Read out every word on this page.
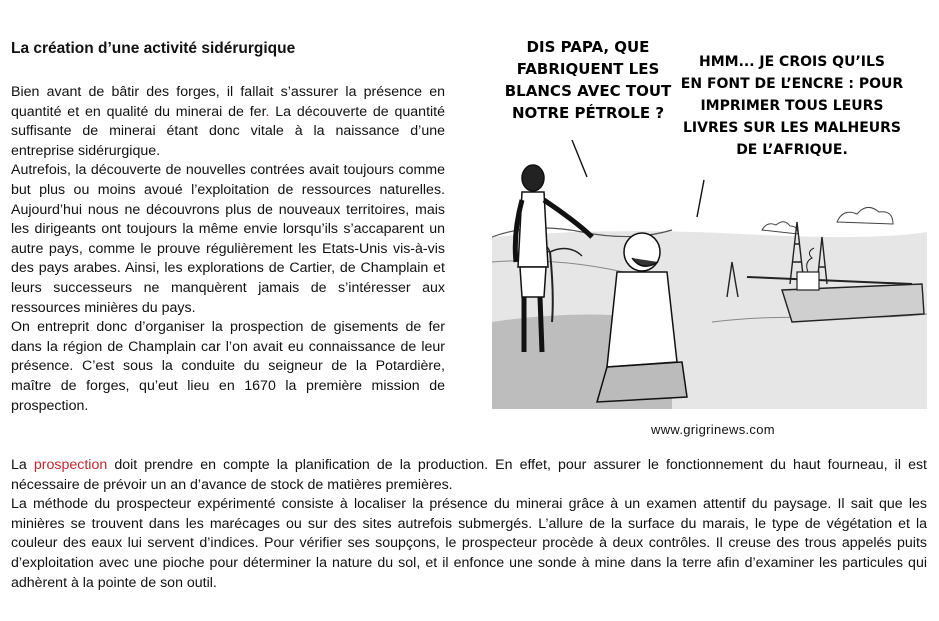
La création d’une activité sidérurgique

Bien avant de bâtir des forges, il fallait s’assurer la présence en quantité et en qualité du minerai de fer. La découverte de quantité suffisante de minerai étant donc vitale à la naissance d’une entreprise sidérurgique.

Autrefois, la découverte de nouvelles contrées avait toujours comme but plus ou moins avoué l’exploitation de ressources naturelles. Aujourd’hui nous ne découvrons plus de nouveaux territoires, mais les dirigeants ont toujours la même envie lorsqu’ils s’accaparent un autre pays, comme le prouve régulièrement les Etats-Unis vis-à-vis des pays arabes. Ainsi, les explorations de Cartier, de Champlain et leurs successeurs ne manquèrent jamais de s’intéresser aux ressources minières du pays.

On entreprit donc d’organiser la prospection de gisements de fer dans la région de Champlain car l’on avait eu connaissance de leur présence. C’est sous la conduite du seigneur de la Potardière, maître de forges, qu’eut lieu en 1670 la première mission de prospection.

DIS PAPA, QUE
FABRIQUENT LES
BLANCS AVEC TOUT
NOTRE PÉTROLE ?
HMM... JE CROIS QU’ILS
EN FONT DE L’ENCRE : POUR
IMPRIMER TOUS LEURS
LIVRES SUR LES MALHEURS
DE L’AFRIQUE.
www.grigrinews.com

La prospection doit prendre en compte la planification de la production. En effet, pour assurer le fonctionnement du haut fourneau, il est nécessaire de prévoir un an d’avance de stock de matières premières.

La méthode du prospecteur expérimenté consiste à localiser la présence du minerai grâce à un examen attentif du paysage. Il sait que les minières se trouvent dans les marécages ou sur des sites autrefois submergés. L’allure de la surface du marais, le type de végétation et la couleur des eaux lui servent d’indices. Pour vérifier ses soupçons, le prospecteur procède à deux contrôles. Il creuse des trous appelés puits d’exploitation avec une pioche pour déterminer la nature du sol, et il enfonce une sonde à mine dans la terre afin d’examiner les particules qui adhèrent à la pointe de son outil.
